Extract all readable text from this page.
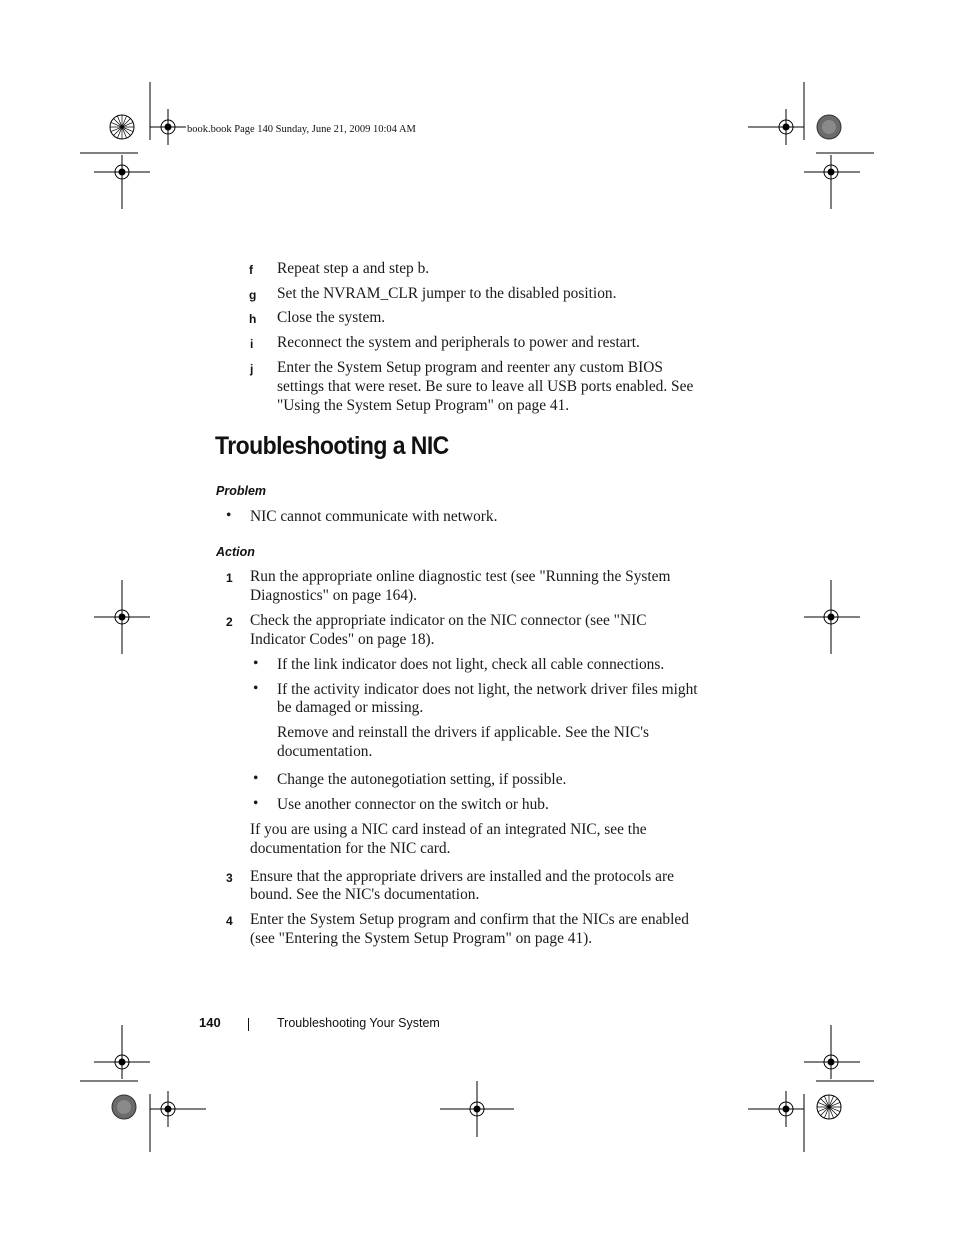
book.book Page 140 Sunday, June 21, 2009 10:04 AM
f Repeat step a and step b.
g Set the NVRAM_CLR jumper to the disabled position.
h Close the system.
i Reconnect the system and peripherals to power and restart.
j Enter the System Setup program and reenter any custom BIOS
settings that were reset. Be sure to leave all USB ports enabled. See
"Using the System Setup Program" on page 41.
Troubleshooting a NIC
Problem
• NIC cannot communicate with network.
Action
1 Run the appropriate online diagnostic test (see "Running the System
Diagnostics" on page 164).
2 Check the appropriate indicator on the NIC connector (see "NIC
Indicator Codes" on page 18).
• If the link indicator does not light, check all cable connections.
• If the activity indicator does not light, the network driver files might
be damaged or missing.
Remove and reinstall the drivers if applicable. See the NIC's
documentation.
• Change the autonegotiation setting, if possible.
• Use another connector on the switch or hub.
If you are using a NIC card instead of an integrated NIC, see the
documentation for the NIC card.
3 Ensure that the appropriate drivers are installed and the protocols are
bound. See the NIC's documentation.
4 Enter the System Setup program and confirm that the NICs are enabled
(see "Entering the System Setup Program" on page 41).
140	Troubleshooting Your System
